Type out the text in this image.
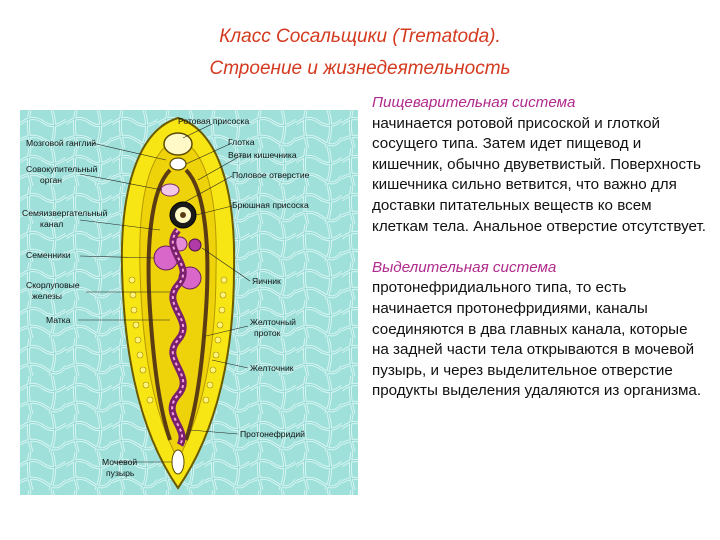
Класс Сосальщики (Trematoda).
Строение и жизнедеятельность
Ротовая присоска
Мозговой ганглий	Глотка
Ветви кишечника
Совокупительный
орган	Половое отверстие
Брюшная присоска
Семяизвергательный
канал
Семенники
Яичник
Скорлуповые
железы
Матка	Желточный
проток
Желточник
Протонефридий
Мочевой
пузырь

Пищеварительная система
начинается ротовой присоской и глоткой сосущего типа. Затем идет пищевод и кишечник, обычно двуветвистый. Поверхность кишечника сильно ветвится, что важно для доставки питательных веществ ко всем клеткам тела. Анальное отверстие отсутствует.

Выделительная система
протонефридиального типа, то есть начинается протонефридиями, каналы соединяются в два главных канала, которые на задней части тела открываются в мочевой пузырь, и через выделительное отверстие продукты выделения удаляются из организма.
